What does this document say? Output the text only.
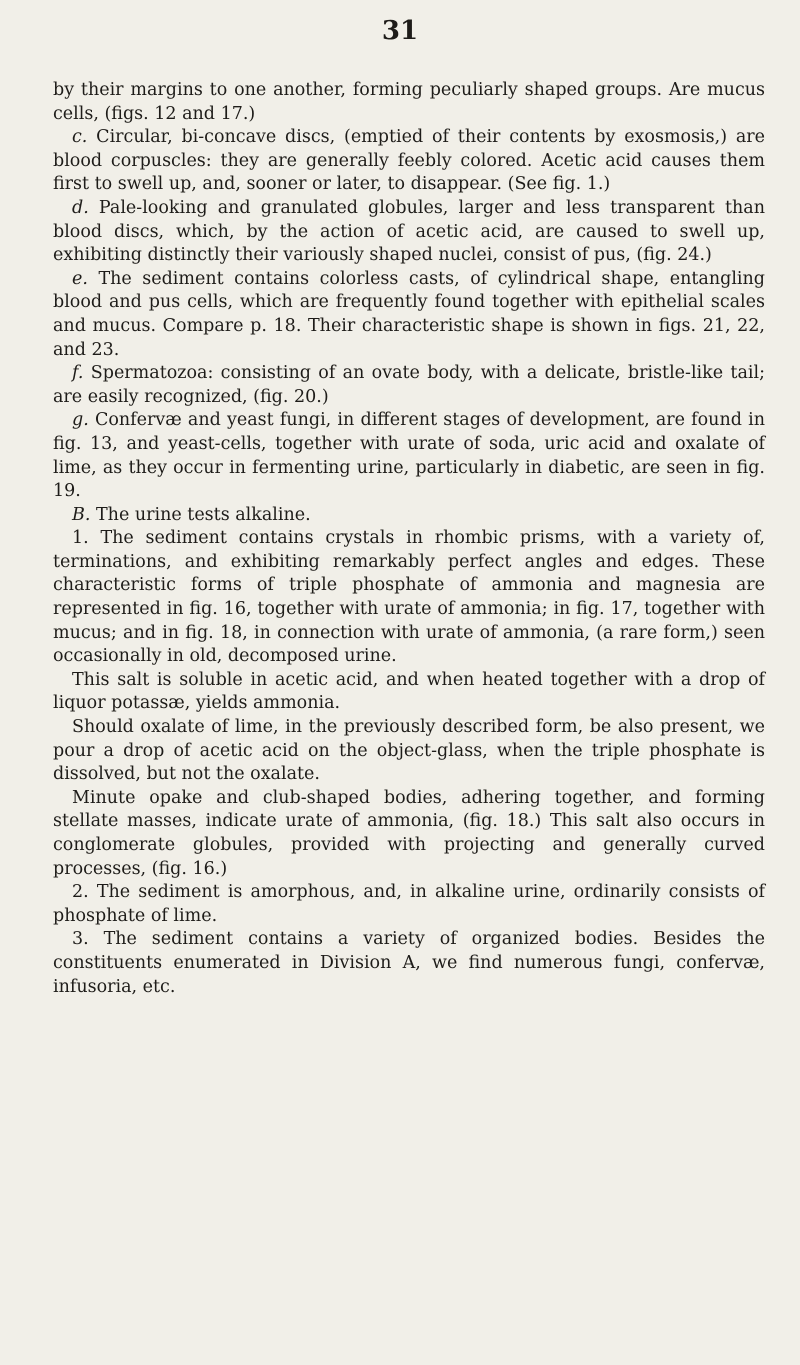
31

by their margins to one another, forming peculiarly shaped groups. Are mucus cells, (figs. 12 and 17.)

c. Circular, bi-concave discs, (emptied of their contents by exosmosis,) are blood corpuscles: they are generally feebly colored. Acetic acid causes them first to swell up, and, sooner or later, to disappear. (See fig. 1.)

d. Pale-looking and granulated globules, larger and less transparent than blood discs, which, by the action of acetic acid, are caused to swell up, exhibiting distinctly their variously shaped nuclei, consist of pus, (fig. 24.)

e. The sediment contains colorless casts, of cylindrical shape, entangling blood and pus cells, which are frequently found together with epithelial scales and mucus. Compare p. 18. Their characteristic shape is shown in figs. 21, 22, and 23.

f. Spermatozoa: consisting of an ovate body, with a delicate, bristle-like tail; are easily recognized, (fig. 20.)

g. Confervæ and yeast fungi, in different stages of development, are found in fig. 13, and yeast-cells, together with urate of soda, uric acid and oxalate of lime, as they occur in fermenting urine, particularly in diabetic, are seen in fig. 19.

B. The urine tests alkaline.

1. The sediment contains crystals in rhombic prisms, with a variety of, terminations, and exhibiting remarkably perfect angles and edges. These characteristic forms of triple phosphate of ammonia and magnesia are represented in fig. 16, together with urate of ammonia; in fig. 17, together with mucus; and in fig. 18, in connection with urate of ammonia, (a rare form,) seen occasionally in old, decomposed urine.

This salt is soluble in acetic acid, and when heated together with a drop of liquor potassæ, yields ammonia.

Should oxalate of lime, in the previously described form, be also present, we pour a drop of acetic acid on the object-glass, when the triple phosphate is dissolved, but not the oxalate.

Minute opake and club-shaped bodies, adhering together, and forming stellate masses, indicate urate of ammonia, (fig. 18.) This salt also occurs in conglomerate globules, provided with projecting and generally curved processes, (fig. 16.)

2. The sediment is amorphous, and, in alkaline urine, ordinarily consists of phosphate of lime.

3. The sediment contains a variety of organized bodies. Besides the constituents enumerated in Division A, we find numerous fungi, confervæ, infusoria, etc.
